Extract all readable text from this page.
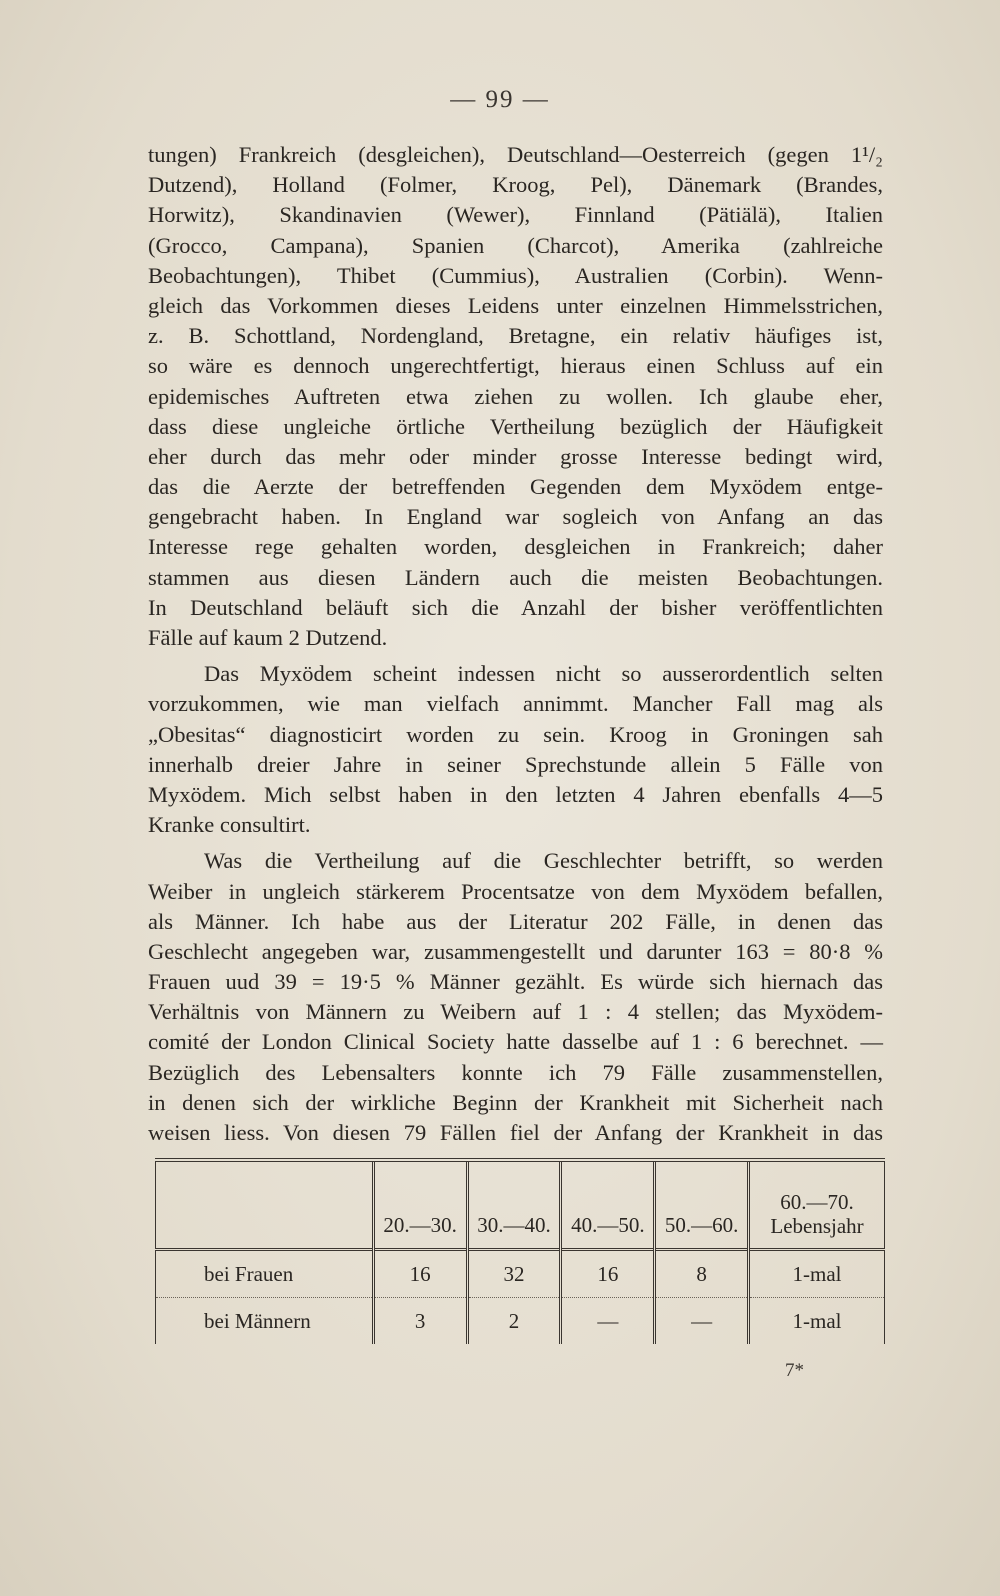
— 99 —
tungen) Frankreich (desgleichen), Deutschland—Oesterreich (gegen 1¹/₂
Dutzend), Holland (Folmer, Kroog, Pel), Dänemark (Brandes,
Horwitz), Skandinavien (Wewer), Finnland (Pätiälä), Italien
(Grocco, Campana), Spanien (Charcot), Amerika (zahlreiche
Beobachtungen), Thibet (Cummius), Australien (Corbin). Wenn-
gleich das Vorkommen dieses Leidens unter einzelnen Himmelsstrichen,
z. B. Schottland, Nordengland, Bretagne, ein relativ häufiges ist,
so wäre es dennoch ungerechtfertigt, hieraus einen Schluss auf ein
epidemisches Auftreten etwa ziehen zu wollen. Ich glaube eher,
dass diese ungleiche örtliche Vertheilung bezüglich der Häufigkeit
eher durch das mehr oder minder grosse Interesse bedingt wird,
das die Aerzte der betreffenden Gegenden dem Myxödem entge-
gengebracht haben. In England war sogleich von Anfang an das
Interesse rege gehalten worden, desgleichen in Frankreich; daher
stammen aus diesen Ländern auch die meisten Beobachtungen.
In Deutschland beläuft sich die Anzahl der bisher veröffentlichten
Fälle auf kaum 2 Dutzend.
Das Myxödem scheint indessen nicht so ausserordentlich selten
vorzukommen, wie man vielfach annimmt. Mancher Fall mag als
„Obesitas“ diagnosticirt worden zu sein. Kroog in Groningen sah
innerhalb dreier Jahre in seiner Sprechstunde allein 5 Fälle von
Myxödem. Mich selbst haben in den letzten 4 Jahren ebenfalls 4—5
Kranke consultirt.
Was die Vertheilung auf die Geschlechter betrifft, so werden
Weiber in ungleich stärkerem Procentsatze von dem Myxödem befallen,
als Männer. Ich habe aus der Literatur 202 Fälle, in denen das
Geschlecht angegeben war, zusammengestellt und darunter 163 = 80·8 %
Frauen uud 39 = 19·5 % Männer gezählt. Es würde sich hiernach das
Verhältnis von Männern zu Weibern auf 1 : 4 stellen; das Myxödem-
comité der London Clinical Society hatte dasselbe auf 1 : 6 berechnet. —
Bezüglich des Lebensalters konnte ich 79 Fälle zusammenstellen,
in denen sich der wirkliche Beginn der Krankheit mit Sicherheit nach
weisen liess. Von diesen 79 Fällen fiel der Anfang der Krankheit in das
	20.—30.	30.—40.	40.—50.	50.—60.	60.—70.
Lebensjahr

bei Frauen	16	32	16	8	1-mal
bei Männern	3	2	—	—	1-mal
7*
